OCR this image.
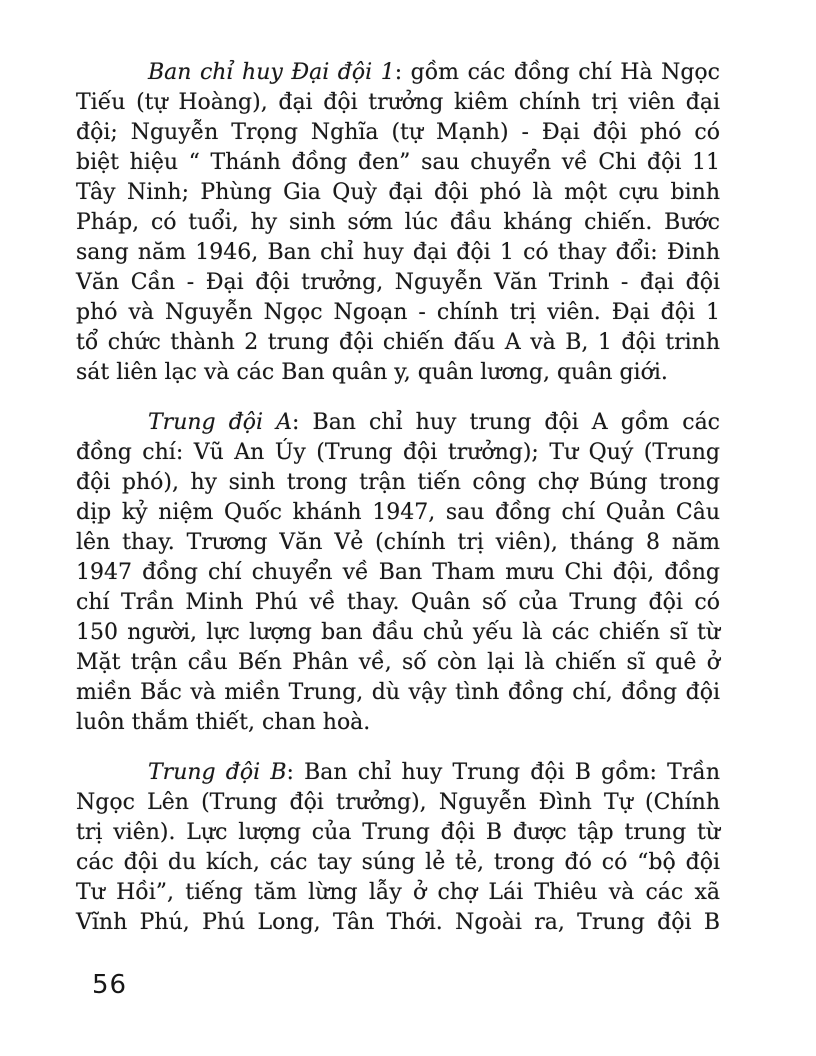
Ban chỉ huy Đại đội 1: gồm các đồng chí Hà Ngọc
Tiếu (tự Hoàng), đại đội trưởng kiêm chính trị viên đại
đội; Nguyễn Trọng Nghĩa (tự Mạnh) - Đại đội phó có
biệt hiệu “ Thánh đồng đen” sau chuyển về Chi đội 11
Tây Ninh; Phùng Gia Quỳ đại đội phó là một cựu binh
Pháp, có tuổi, hy sinh sớm lúc đầu kháng chiến. Bước
sang năm 1946, Ban chỉ huy đại đội 1 có thay đổi: Đinh
Văn Cần - Đại đội trưởng, Nguyễn Văn Trinh - đại đội
phó và Nguyễn Ngọc Ngoạn - chính trị viên. Đại đội 1
tổ chức thành 2 trung đội chiến đấu A và B, 1 đội trinh
sát liên lạc và các Ban quân y, quân lương, quân giới.
Trung đội A: Ban chỉ huy trung đội A gồm các
đồng chí: Vũ An Úy (Trung đội trưởng); Tư Quý (Trung
đội phó), hy sinh trong trận tiến công chợ Búng trong
dịp kỷ niệm Quốc khánh 1947, sau đồng chí Quản Câu
lên thay. Trương Văn Vẻ (chính trị viên), tháng 8 năm
1947 đồng chí chuyển về Ban Tham mưu Chi đội, đồng
chí Trần Minh Phú về thay. Quân số của Trung đội có
150 người, lực lượng ban đầu chủ yếu là các chiến sĩ từ
Mặt trận cầu Bến Phân về, số còn lại là chiến sĩ quê ở
miền Bắc và miền Trung, dù vậy tình đồng chí, đồng đội
luôn thắm thiết, chan hoà.
Trung đội B: Ban chỉ huy Trung đội B gồm: Trần
Ngọc Lên (Trung đội trưởng), Nguyễn Đình Tự (Chính
trị viên). Lực lượng của Trung đội B được tập trung từ
các đội du kích, các tay súng lẻ tẻ, trong đó có “bộ đội
Tư Hồi”, tiếng tăm lừng lẫy ở chợ Lái Thiêu và các xã
Vĩnh Phú, Phú Long, Tân Thới. Ngoài ra, Trung đội B
56
